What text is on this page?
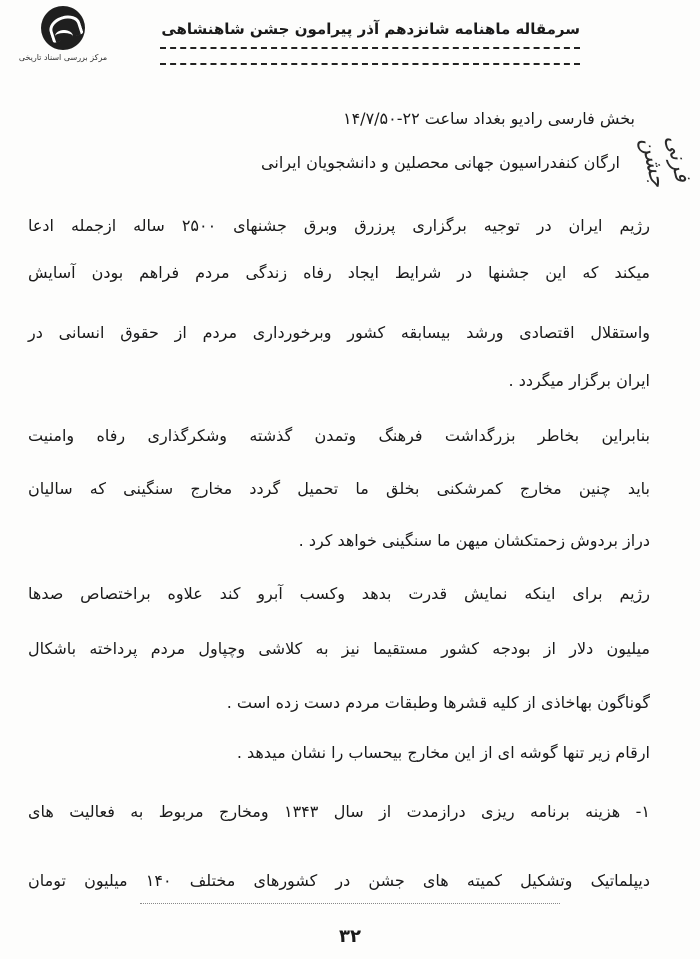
مرکز بررسی اسناد تاریخی
سرمقاله ماهنامه شانزدهم آذر پیرامون جشن شاهنشاهی
فرنی جشن
بخش فارسی رادیو بغداد ساعت ۲۲-۱۴/۷/۵۰
ارگان کنفدراسیون جهانی محصلین و دانشجویان ایرانی
رژیم ایران در توجیه برگزاری پرزرق وبرق جشنهای ۲۵۰۰ ساله ازجمله ادعا
میکند که این جشنها در شرایط ایجاد رفاه زندگی مردم فراهم بودن آسایش
واستقلال اقتصادی ورشد بیسابقه کشور وبرخورداری مردم از حقوق انسانی در
ایران برگزار میگردد .
بنابراین بخاطر بزرگداشت فرهنگ وتمدن گذشته وشکرگذاری رفاه وامنیت
باید چنین مخارج کمرشکنی بخلق ما تحمیل گردد مخارج سنگینی که سالیان
دراز بردوش زحمتکشان میهن ما سنگینی خواهد کرد .
رژیم برای اینکه نمایش قدرت بدهد وکسب آبرو کند علاوه براختصاص صدها
میلیون دلار از بودجه کشور مستقیما نیز به کلاشی وچپاول مردم پرداخته باشکال
گوناگون بهاخاذی از کلیه قشرها وطبقات مردم دست زده است .
ارقام زیر تنها گوشه ای از این مخارج بیحساب را نشان میدهد .
۱- هزینه برنامه ریزی درازمدت از سال ۱۳۴۳ ومخارج مربوط به فعالیت های
دیپلماتیک وتشکیل کمیته های جشن در کشورهای مختلف ۱۴۰ میلیون تومان
۳۲
